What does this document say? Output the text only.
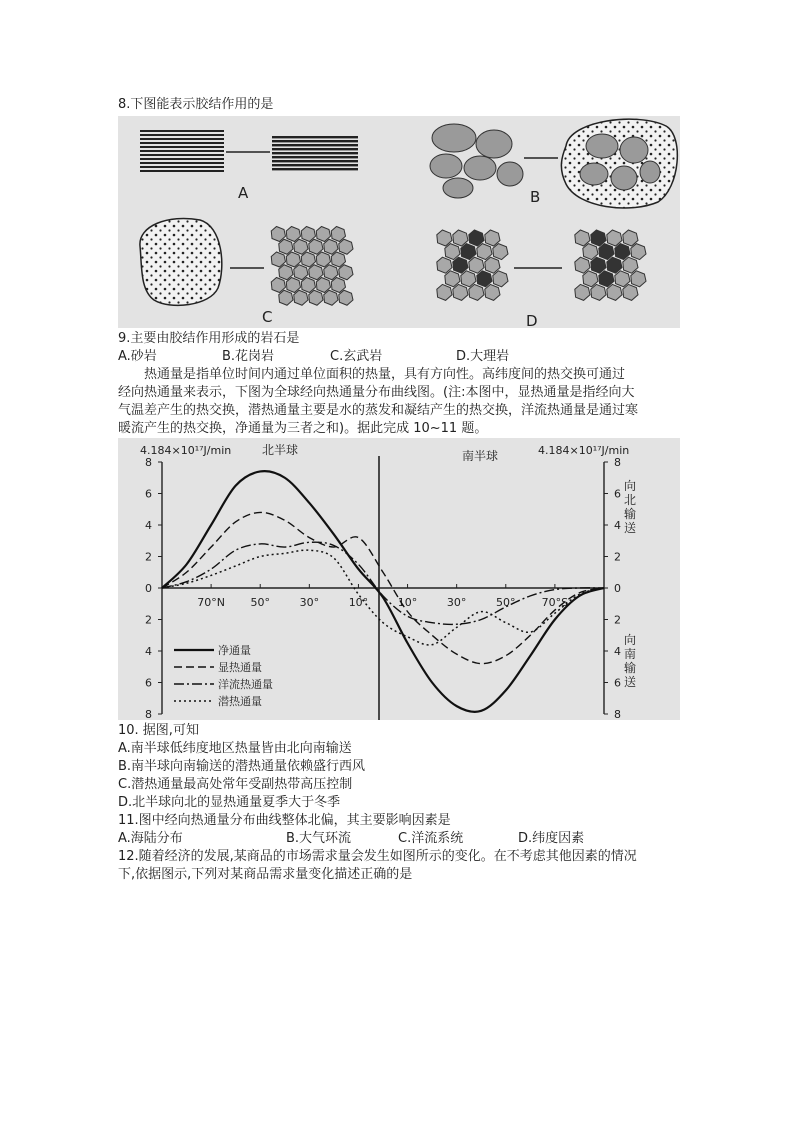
8.下图能表示胶结作用的是
A	B
C	D
9.主要由胶结作用形成的岩石是
A.砂岩	B.花岗岩	C.玄武岩	D.大理岩
热通量是指单位时间内通过单位面积的热量，具有方向性。高纬度间的热交换可通过
经向热通量来表示，下图为全球经向热通量分布曲线图。(注:本图中，显热通量是指经向大
气温差产生的热交换，潜热通量主要是水的蒸发和凝结产生的热交换，洋流热通量是通过寒
暖流产生的热交换，净通量为三者之和)。据此完成 10~11 题。
4.184×10¹⁷J/min	北半球	南半球	4.184×10¹⁷J/min
8	8
6	6
4	4
2	2
0	0
2	2
4	4
6	6
8	8
70°N 50°	30°	10°	10°	30°	50° 70°S
净通量
显热通量
洋流热通量
潜热通量
向
北
输
送
向
南
输
送
10. 据图,可知
A.南半球低纬度地区热量皆由北向南输送
B.南半球向南输送的潜热通量依赖盛行西风
C.潜热通量最高处常年受副热带高压控制
D.北半球向北的显热通量夏季大于冬季
11.图中经向热通量分布曲线整体北偏，其主要影响因素是
A.海陆分布	B.大气环流	C.洋流系统	D.纬度因素
12.随着经济的发展,某商品的市场需求量会发生如图所示的变化。在不考虑其他因素的情况
下,依据图示,下列对某商品需求量变化描述正确的是
